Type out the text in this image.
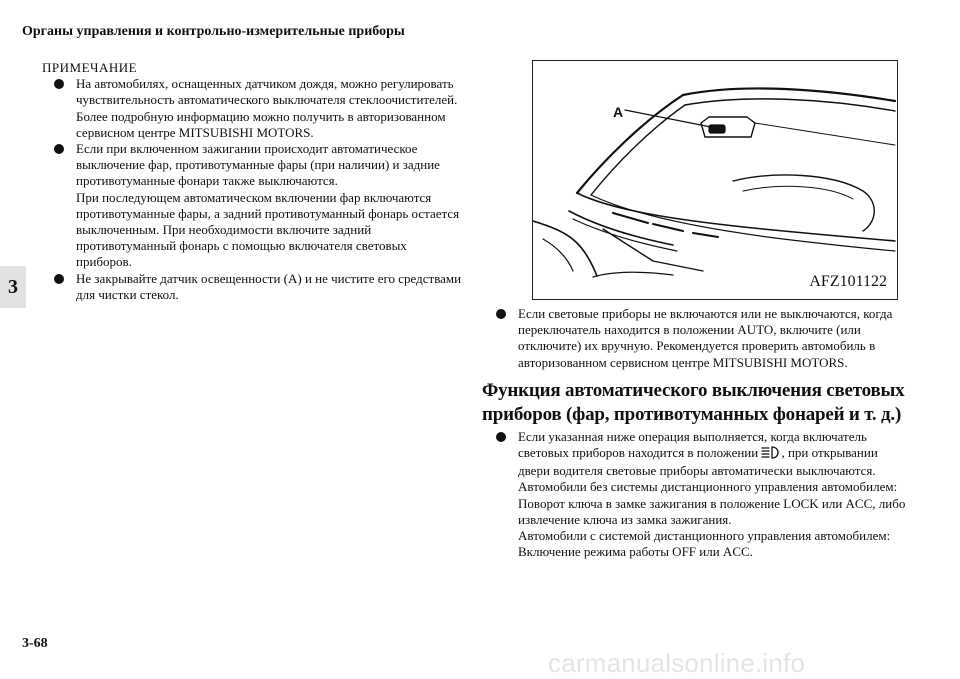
Органы управления и контрольно-измерительные приборы
3
ПРИМЕЧАНИЕ

На автомобилях, оснащенных датчиком дождя, можно регулировать чувствительность автоматического выключателя стеклоочистителей. Более подробную информацию можно получить в авторизованном сервисном центре MITSUBISHI MOTORS.

Если при включенном зажигании происходит автоматическое выключение фар, противотуманные фары (при наличии) и задние противотуманные фонари также выключаются.

При последующем автоматическом включении фар включаются противотуманные фары, а задний противотуманный фонарь остается выключенным. При необходимости включите задний противотуманный фонарь с помощью включателя световых приборов.

Не закрывайте датчик освещенности (A) и не чистите его средствами для чистки стекол.

A
AFZ101122

Если световые приборы не включаются или не выключаются, когда переключатель находится в положении AUTO, включите (или отключите) их вручную. Рекомендуется проверить автомобиль в авторизованном сервисном центре MITSUBISHI MOTORS.

Функция автоматического выключения световых
приборов (фар, противотуманных фонарей и т. д.)

Если указанная ниже операция выполняется, когда включатель световых приборов находится в положении , при открывании двери водителя световые приборы автоматически выключаются.

Автомобили без системы дистанционного управления автомобилем:

Поворот ключа в замке зажигания в положение LOCK или ACC, либо извлечение ключа из замка зажигания.

Автомобили с системой дистанционного управления автомобилем:

Включение режима работы OFF или ACC.

3-68
carmanualsonline.info
